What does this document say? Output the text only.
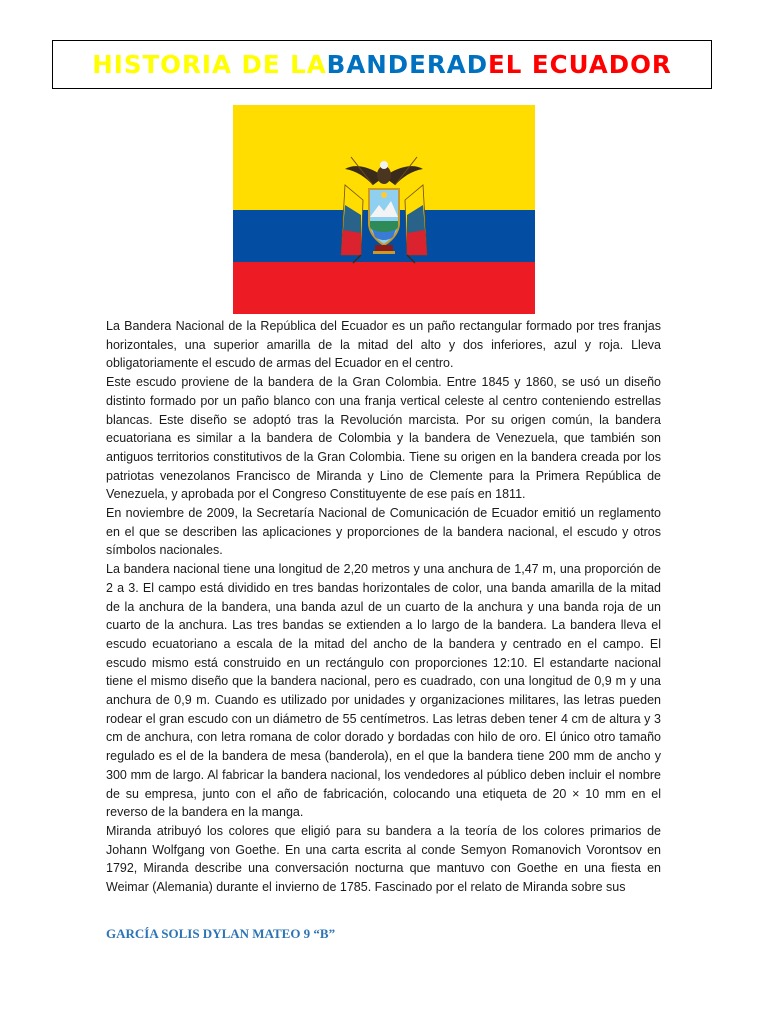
HISTORIA DE LA BANDERA D EL ECUADOR

La Bandera Nacional de la República del Ecuador es un paño rectangular formado por tres franjas horizontales, una superior amarilla de la mitad del alto y dos inferiores, azul y roja. Lleva obligatoriamente el escudo de armas del Ecuador en el centro.

Este escudo proviene de la bandera de la Gran Colombia. Entre 1845 y 1860, se usó un diseño distinto formado por un paño blanco con una franja vertical celeste al centro conteniendo estrellas blancas. Este diseño se adoptó tras la Revolución marcista. Por su origen común, la bandera ecuatoriana es similar a la bandera de Colombia y la bandera de Venezuela, que también son antiguos territorios constitutivos de la Gran Colombia. Tiene su origen en la bandera creada por los patriotas venezolanos Francisco de Miranda y Lino de Clemente para la Primera República de Venezuela, y aprobada por el Congreso Constituyente de ese país en 1811.

En noviembre de 2009, la Secretaría Nacional de Comunicación de Ecuador emitió un reglamento en el que se describen las aplicaciones y proporciones de la bandera nacional, el escudo y otros símbolos nacionales.

La bandera nacional tiene una longitud de 2,20 metros y una anchura de 1,47 m, una proporción de 2 a 3. El campo está dividido en tres bandas horizontales de color, una banda amarilla de la mitad de la anchura de la bandera, una banda azul de un cuarto de la anchura y una banda roja de un cuarto de la anchura. Las tres bandas se extienden a lo largo de la bandera. La bandera lleva el escudo ecuatoriano a escala de la mitad del ancho de la bandera y centrado en el campo. El escudo mismo está construido en un rectángulo con proporciones 12:10. El estandarte nacional tiene el mismo diseño que la bandera nacional, pero es cuadrado, con una longitud de 0,9 m y una anchura de 0,9 m. Cuando es utilizado por unidades y organizaciones militares, las letras pueden rodear el gran escudo con un diámetro de 55 centímetros. Las letras deben tener 4 cm de altura y 3 cm de anchura, con letra romana de color dorado y bordadas con hilo de oro. El único otro tamaño regulado es el de la bandera de mesa (banderola), en el que la bandera tiene 200 mm de ancho y 300 mm de largo. Al fabricar la bandera nacional, los vendedores al público deben incluir el nombre de su empresa, junto con el año de fabricación, colocando una etiqueta de 20 × 10 mm en el reverso de la bandera en la manga.

Miranda atribuyó los colores que eligió para su bandera a la teoría de los colores primarios de Johann Wolfgang von Goethe. En una carta escrita al conde Semyon Romanovich Vorontsov en 1792, Miranda describe una conversación nocturna que mantuvo con Goethe en una fiesta en Weimar (Alemania) durante el invierno de 1785. Fascinado por el relato de Miranda sobre sus

GARCÍA SOLIS DYLAN MATEO 9 “B”
